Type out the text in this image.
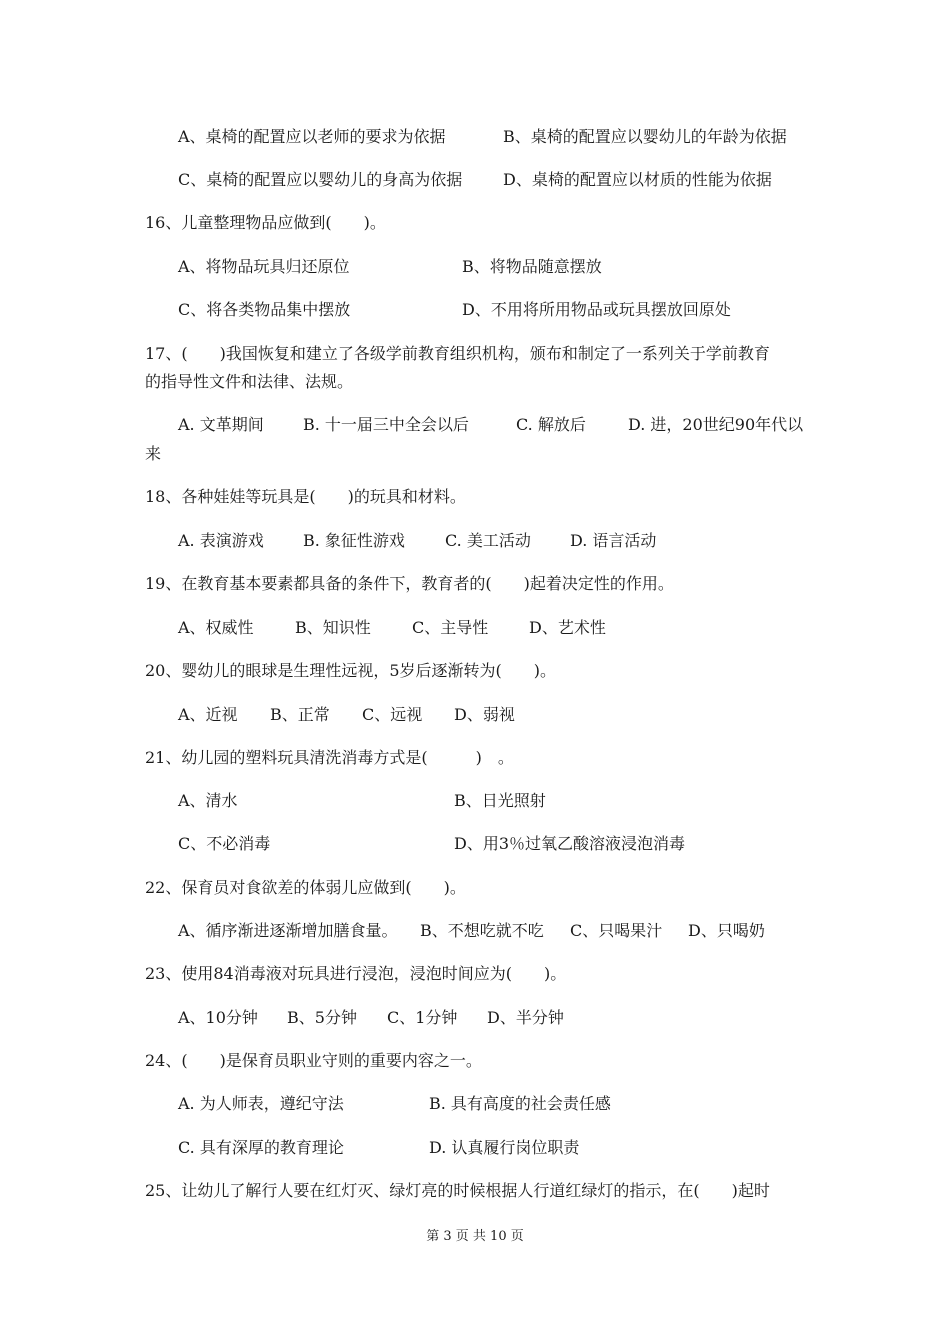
A、桌椅的配置应以老师的要求为依据	B、桌椅的配置应以婴幼儿的年龄为依据
C、桌椅的配置应以婴幼儿的身高为依据	D、桌椅的配置应以材质的性能为依据
16、儿童整理物品应做到(　　)。
A、将物品玩具归还原位	B、将物品随意摆放
C、将各类物品集中摆放	D、不用将所用物品或玩具摆放回原处
17、(　　)我国恢复和建立了各级学前教育组织机构，颁布和制定了一系列关于学前教育
的指导性文件和法律、法规。
A. 文革期间 B. 十一届三中全会以后	C. 解放后	D. 进，20世纪90年代以
来
18、各种娃娃等玩具是(　　)的玩具和材料。
A. 表演游戏 B. 象征性游戏	C. 美工活动 D. 语言活动
19、在教育基本要素都具备的条件下，教育者的(　　)起着决定性的作用。
A、权威性	B、知识性	C、主导性	D、艺术性
20、婴幼儿的眼球是生理性远视，5岁后逐渐转为(　　)。
A、近视 B、正常 C、远视 D、弱视
21、幼儿园的塑料玩具清洗消毒方式是(　　　)　。
A、清水	B、日光照射
C、不必消毒	D、用3％过氧乙酸溶液浸泡消毒
22、保育员对食欲差的体弱儿应做到(　　)。
A、循序渐进逐渐增加膳食量。 B、不想吃就不吃 C、只喝果汁 D、只喝奶
23、使用84消毒液对玩具进行浸泡，浸泡时间应为(　　)。
A、10分钟 B、5分钟 C、1分钟 D、半分钟
24、(　　)是保育员职业守则的重要内容之一。
A. 为人师表，遵纪守法	B. 具有高度的社会责任感
C. 具有深厚的教育理论	D. 认真履行岗位职责
25、让幼儿了解行人要在红灯灭、绿灯亮的时候根据人行道红绿灯的指示，在(　　)起时
第 3 页 共 10 页
